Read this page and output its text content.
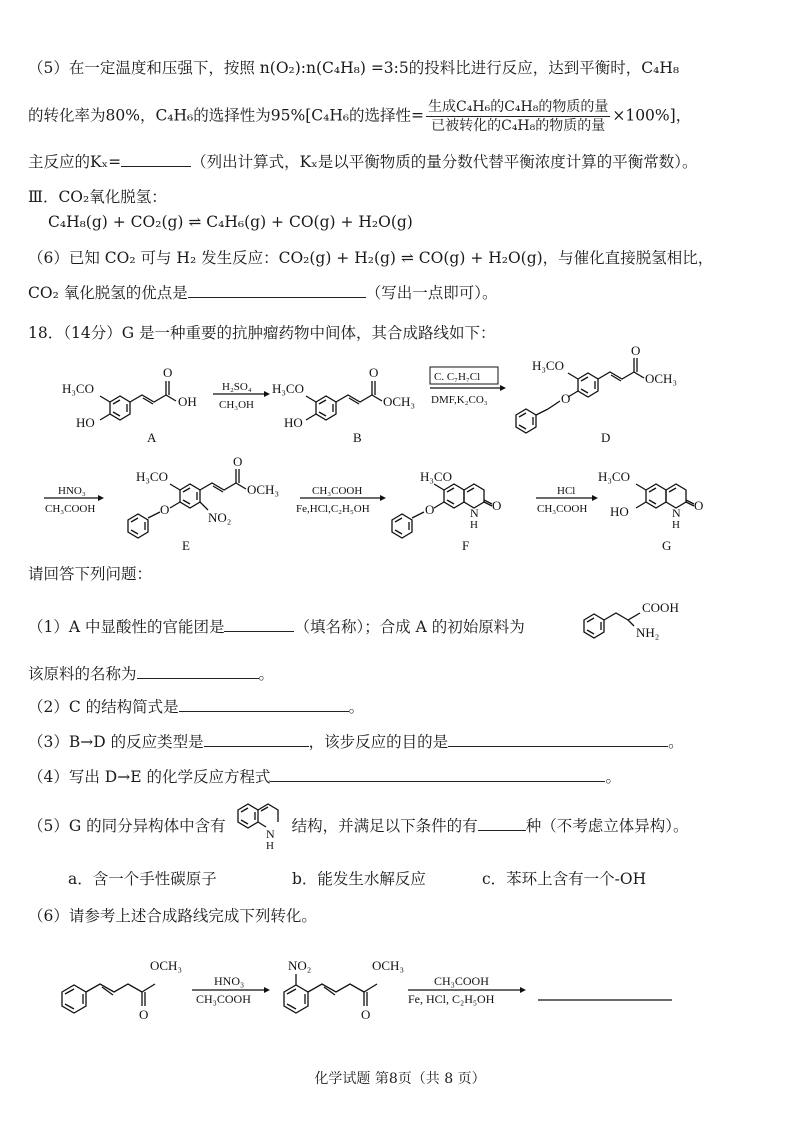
（5）在一定温度和压强下，按照 n(O₂):n(C₄H₈) =3:5的投料比进行反应，达到平衡时，C₄H₈
的转化率为80%，C₄H₆的选择性为95%[C₄H₆的选择性= $\frac{\text{生成C₄H₆的C₄H₈的物质的量}}{\text{已被转化的C₄H₈的物质的量}} \times 100\%$]，
主反应的Kₓ=	（列出计算式，Kₓ是以平衡物质的量分数代替平衡浓度计算的平衡常数）。
Ⅲ．CO₂氧化脱氢：
C₄H₈(g) + CO₂(g) ⇌ C₄H₆(g) + CO(g) + H₂O(g)
（6）已知 CO₂ 可与 H₂ 发生反应：CO₂(g) + H₂(g) ⇌ CO(g) + H₂O(g)，与催化直接脱氢相比，
CO₂ 氧化脱氢的优点是	（写出一点即可）。
18．（14分）G 是一种重要的抗肿瘤药物中间体，其合成路线如下：
H₃CO
HO
O
OH
A
H₂SO₄
CH₃OH
H₃CO
HO
O
OCH₃
B
C. C₇H₇Cl
DMF,K₂CO₃
H₃CO
O
O
OCH₃
D
HNO₃
CH₃COOH
H₃CO
O
O
OCH₃
NO₂
E
CH₃COOH
Fe,HCl,C₂H₅OH
H₃CO
O	N
H
O
F
HCl
CH₃COOH
H₃CO
HO	N
H
O
G
请回答下列问题：
（1）A 中显酸性的官能团是	（填名称）；合成 A 的初始原料为
COOH
NH₂
该原料的名称为	。
（2）C 的结构简式是	。
（3）B→D 的反应类型是	，该步反应的目的是	。
（4）写出 D→E 的化学反应方程式	。
（5）G 的同分异构体中含有	结构，并满足以下条件的有	种（不考虑立体异构）。
N
H
a．含一个手性碳原子	b．能发生水解反应	c．苯环上含有一个-OH
（6）请参考上述合成路线完成下列转化。
OCH₃
O
HNO₃
CH₃COOH
NO₂	OCH₃
O
CH₃COOH
Fe, HCl, C₂H₅OH
化学试题 第8页（共 8 页）
